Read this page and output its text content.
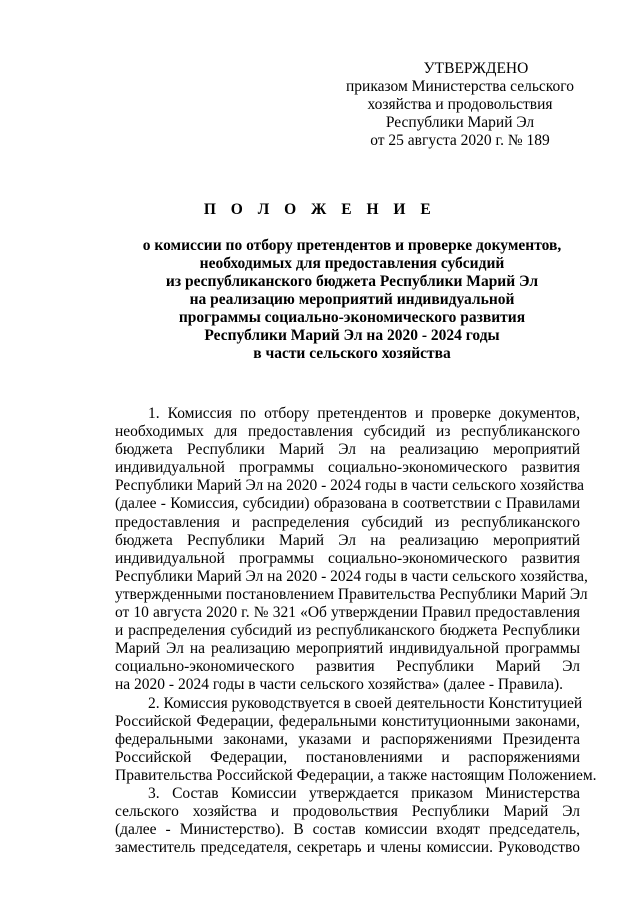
УТВЕРЖДЕНО
приказом Министерства сельского
хозяйства и продовольствия
Республики Марий Эл
от 25 августа 2020 г. № 189
П О Л О Ж Е Н И Е
о комиссии по отбору претендентов и проверке документов,
необходимых для предоставления субсидий
из республиканского бюджета Республики Марий Эл
на реализацию мероприятий индивидуальной
программы социально-экономического развития
Республики Марий Эл на 2020 - 2024 годы
в части сельского хозяйства
1. Комиссия по отбору претендентов и проверке документов,
необходимых для предоставления субсидий из республиканского
бюджета Республики Марий Эл на реализацию мероприятий
индивидуальной программы социально-экономического развития
Республики Марий Эл на 2020 - 2024 годы в части сельского хозяйства
(далее - Комиссия, субсидии) образована в соответствии с Правилами
предоставления и распределения субсидий из республиканского
бюджета Республики Марий Эл на реализацию мероприятий
индивидуальной программы социально-экономического развития
Республики Марий Эл на 2020 - 2024 годы в части сельского хозяйства,
утвержденными постановлением Правительства Республики Марий Эл
от 10 августа 2020 г. № 321 «Об утверждении Правил предоставления
и распределения субсидий из республиканского бюджета Республики
Марий Эл на реализацию мероприятий индивидуальной программы
социально-экономического развития Республики Марий Эл
на 2020 - 2024 годы в части сельского хозяйства» (далее - Правила).
2. Комиссия руководствуется в своей деятельности Конституцией
Российской Федерации, федеральными конституционными законами,
федеральными законами, указами и распоряжениями Президента
Российской Федерации, постановлениями и распоряжениями
Правительства Российской Федерации, а также настоящим Положением.
3. Состав Комиссии утверждается приказом Министерства
сельского хозяйства и продовольствия Республики Марий Эл
(далее - Министерство). В состав комиссии входят председатель,
заместитель председателя, секретарь и члены комиссии. Руководство
